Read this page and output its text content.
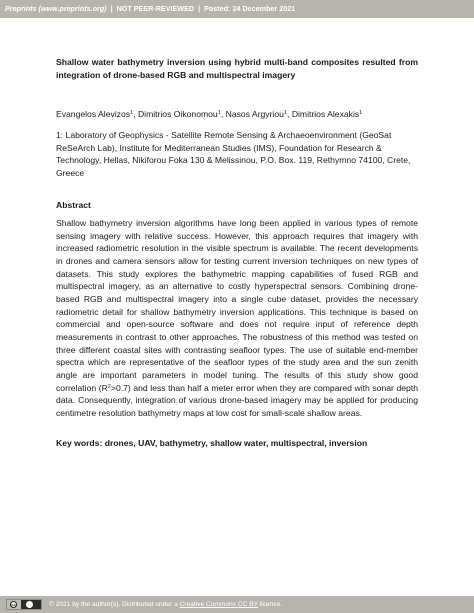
Preprints (www.preprints.org) | NOT PEER-REVIEWED | Posted: 24 December 2021
Shallow water bathymetry inversion using hybrid multi-band composites resulted from integration of drone-based RGB and multispectral imagery
Evangelos Alevizos$^1$, Dimitrios Oikonomou$^1$, Nasos Argyriou$^1$, Dimitrios Alexakis$^1$
1: Laboratory of Geophysics - Satellite Remote Sensing & Archaeoenvironment (GeoSat ReSeArch Lab), Institute for Mediterranean Studies (IMS), Foundation for Research & Technology, Hellas, Nikiforou Foka 130 & Melissinou, P.O. Box. 119, Rethymno 74100, Crete, Greece
Abstract

Shallow bathymetry inversion algorithms have long been applied in various types of remote sensing imagery with relative success. However, this approach requires that imagery with increased radiometric resolution in the visible spectrum is available. The recent developments in drones and camera sensors allow for testing current inversion techniques on new types of datasets. This study explores the bathymetric mapping capabilities of fused RGB and multispectral imagery, as an alternative to costly hyperspectral sensors. Combining drone-based RGB and multispectral imagery into a single cube dataset, provides the necessary radiometric detail for shallow bathymetry inversion applications. This technique is based on commercial and open-source software and does not require input of reference depth measurements in contrast to other approaches. The robustness of this method was tested on three different coastal sites with contrasting seafloor types. The use of suitable end-member spectra which are representative of the seafloor types of the study area and the sun zenith angle are important parameters in model tuning. The results of this study show good correlation $(R^2>0.7)$ and less than half a meter error when they are compared with sonar depth data. Consequently, integration of various drone-based imagery may be applied for producing centimetre resolution bathymetry maps at low cost for small-scale shallow areas.

Key words: drones, UAV, bathymetry, shallow water, multispectral, inversion
cc	© 2021 by the author(s). Distributed under a Creative Commons CC BY license.
